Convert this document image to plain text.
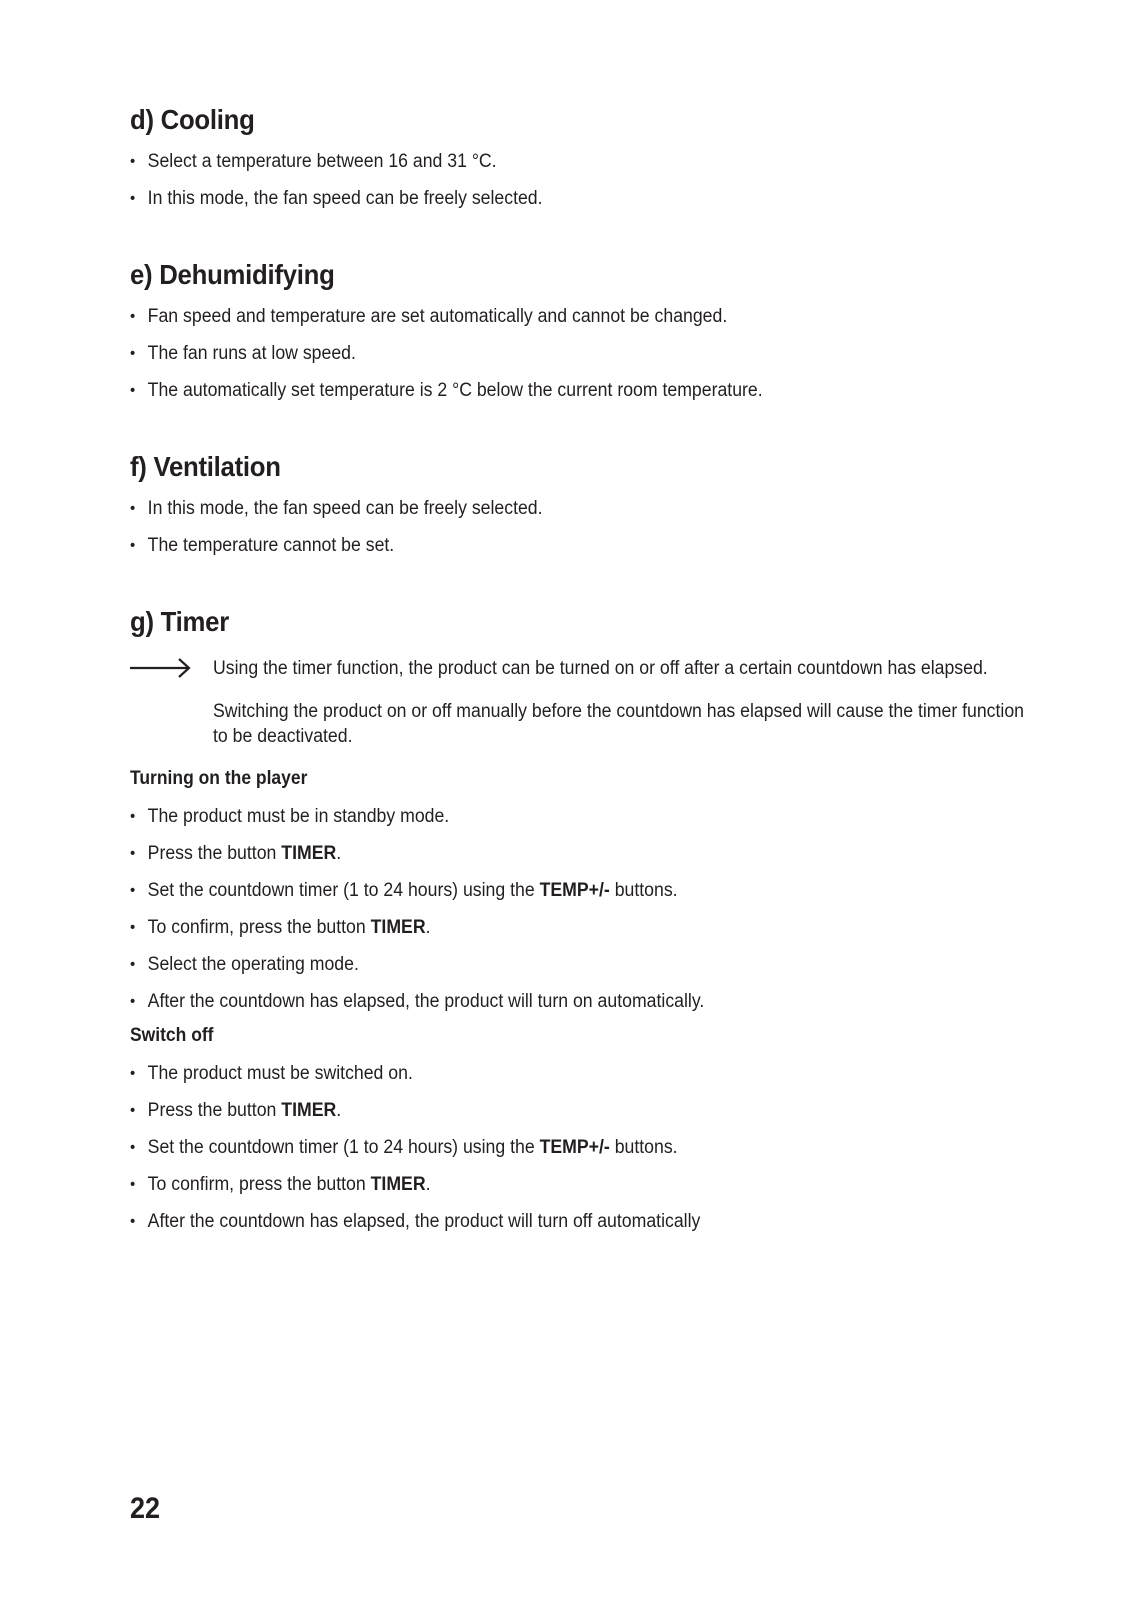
d) Cooling
• Select a temperature between 16 and 31 °C.
• In this mode, the fan speed can be freely selected.
e) Dehumidifying
• Fan speed and temperature are set automatically and cannot be changed.
• The fan runs at low speed.
• The automatically set temperature is 2 °C below the current room temperature.
f) Ventilation
• In this mode, the fan speed can be freely selected.
• The temperature cannot be set.
g) Timer

Using the timer function, the product can be turned on or off after a certain countdown has elapsed.

Switching the product on or off manually before the countdown has elapsed will cause the timer function to be deactivated.

Turning on the player
• The product must be in standby mode.
• Press the button TIMER.
• Set the countdown timer (1 to 24 hours) using the TEMP+/- buttons.
• To confirm, press the button TIMER.
• Select the operating mode.
• After the countdown has elapsed, the product will turn on automatically.
Switch off
• The product must be switched on.
• Press the button TIMER.
• Set the countdown timer (1 to 24 hours) using the TEMP+/- buttons.
• To confirm, press the button TIMER.
• After the countdown has elapsed, the product will turn off automatically
22
